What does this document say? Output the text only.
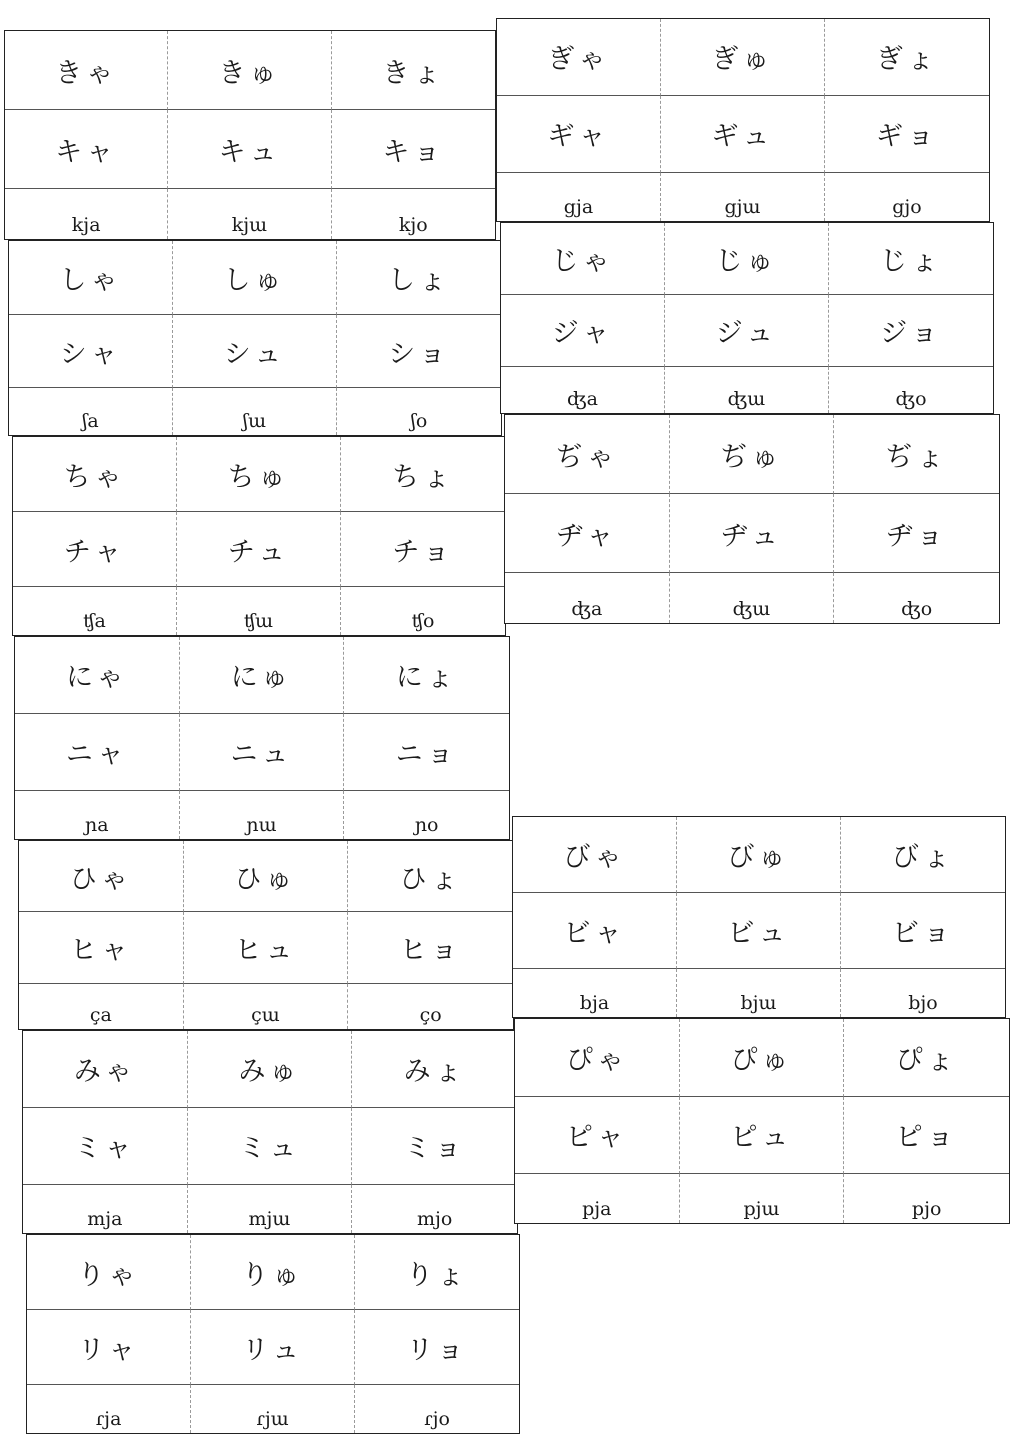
きゃ	きゅ	きょ
キャ	キュ	キョ
kja	kjɯ	kjo
ぎゃ	ぎゅ	ぎょ
ギャ	ギュ	ギョ
gja	gjɯ	gjo
しゃ	しゅ	しょ
シャ	シュ	ショ
ʃa	ʃɯ	ʃo
じゃ	じゅ	じょ
ジャ	ジュ	ジョ
ʤa	ʤɯ	ʤo
ちゃ	ちゅ	ちょ
チャ	チュ	チョ
ʧa	ʧɯ	ʧo
ぢゃ	ぢゅ	ぢょ
ヂャ	ヂュ	ヂョ
ʤa	ʤɯ	ʤo
にゃ	にゅ	にょ
ニャ	ニュ	ニョ
ɲa	ɲɯ	ɲo
ひゃ	ひゅ	ひょ
ヒャ	ヒュ	ヒョ
ça	çɯ	ço
びゃ	びゅ	びょ
ビャ	ビュ	ビョ
bja	bjɯ	bjo
みゃ	みゅ	みょ
ミャ	ミュ	ミョ
mja	mjɯ	mjo
ぴゃ	ぴゅ	ぴょ
ピャ	ピュ	ピョ
pja	pjɯ	pjo
りゃ	りゅ	りょ
リャ	リュ	リョ
ɾja	ɾjɯ	ɾjo
